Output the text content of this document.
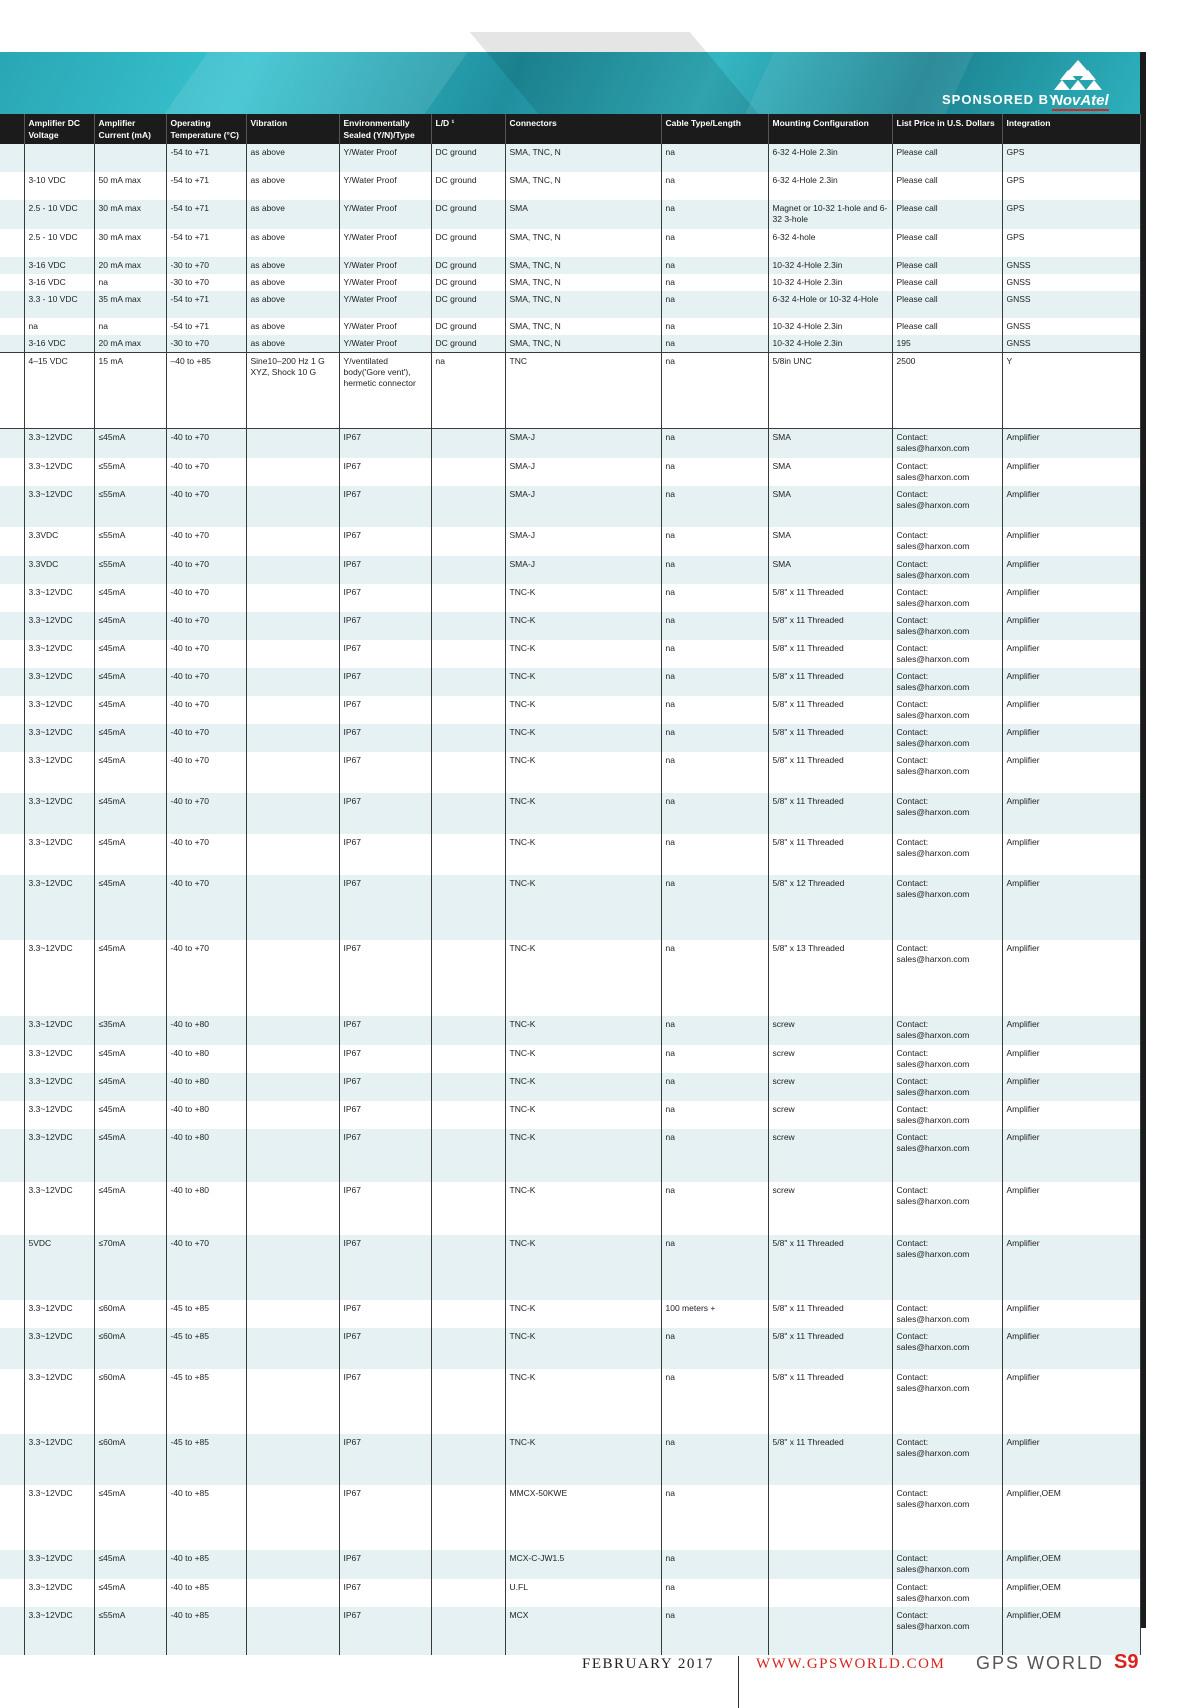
SPONSORED BY
NovAtel
	Amplifier DC Voltage	Amplifier Current (mA)	Operating Temperature (°C)	Vibration	Environmentally Sealed (Y/N)/Type	L/D ¹	Connectors	Cable Type/Length	Mounting Configuration	List Price in U.S. Dollars	Integration
			-54 to +71	as above	Y/Water Proof	DC ground	SMA, TNC, N	na	6-32 4-Hole 2.3in	Please call	GPS
	3-10 VDC	50 mA max	-54 to +71	as above	Y/Water Proof	DC ground	SMA, TNC, N	na	6-32 4-Hole 2.3in	Please call	GPS
	2.5 - 10 VDC	30 mA max	-54 to +71	as above	Y/Water Proof	DC ground	SMA	na	Magnet or 10-32 1-hole and 6-32 3-hole	Please call	GPS
	2.5 - 10 VDC	30 mA max	-54 to +71	as above	Y/Water Proof	DC ground	SMA, TNC, N	na	6-32 4-hole	Please call	GPS
	3-16 VDC	20 mA max	-30 to +70	as above	Y/Water Proof	DC ground	SMA, TNC, N	na	10-32 4-Hole 2.3in	Please call	GNSS
	3-16 VDC	na	-30 to +70	as above	Y/Water Proof	DC ground	SMA, TNC, N	na	10-32 4-Hole 2.3in	Please call	GNSS
	3.3 - 10 VDC	35 mA max	-54 to +71	as above	Y/Water Proof	DC ground	SMA, TNC, N	na	6-32 4-Hole or 10-32 4-Hole	Please call	GNSS
	na	na	-54 to +71	as above	Y/Water Proof	DC ground	SMA, TNC, N	na	10-32 4-Hole 2.3in	Please call	GNSS
	3-16 VDC	20 mA max	-30 to +70	as above	Y/Water Proof	DC ground	SMA, TNC, N	na	10-32 4-Hole 2.3in	195	GNSS
	4–15 VDC	15 mA	–40 to +85	Sine10–200 Hz 1 G XYZ, Shock 10 G	Y/ventilated body('Gore vent'), hermetic connector	na	TNC	na	5/8in UNC	2500	Y
	3.3~12VDC	≤45mA	-40 to +70		IP67		SMA-J	na	SMA	Contact: sales@harxon.com	Amplifier
	3.3~12VDC	≤55mA	-40 to +70		IP67		SMA-J	na	SMA	Contact: sales@harxon.com	Amplifier
	3.3~12VDC	≤55mA	-40 to +70		IP67		SMA-J	na	SMA	Contact: sales@harxon.com	Amplifier
	3.3VDC	≤55mA	-40 to +70		IP67		SMA-J	na	SMA	Contact: sales@harxon.com	Amplifier
	3.3VDC	≤55mA	-40 to +70		IP67		SMA-J	na	SMA	Contact: sales@harxon.com	Amplifier
	3.3~12VDC	≤45mA	-40 to +70		IP67		TNC-K	na	5/8" x 11 Threaded	Contact: sales@harxon.com	Amplifier
	3.3~12VDC	≤45mA	-40 to +70		IP67		TNC-K	na	5/8" x 11 Threaded	Contact: sales@harxon.com	Amplifier
	3.3~12VDC	≤45mA	-40 to +70		IP67		TNC-K	na	5/8" x 11 Threaded	Contact: sales@harxon.com	Amplifier
	3.3~12VDC	≤45mA	-40 to +70		IP67		TNC-K	na	5/8" x 11 Threaded	Contact: sales@harxon.com	Amplifier
	3.3~12VDC	≤45mA	-40 to +70		IP67		TNC-K	na	5/8" x 11 Threaded	Contact: sales@harxon.com	Amplifier
	3.3~12VDC	≤45mA	-40 to +70		IP67		TNC-K	na	5/8" x 11 Threaded	Contact: sales@harxon.com	Amplifier
	3.3~12VDC	≤45mA	-40 to +70		IP67		TNC-K	na	5/8" x 11 Threaded	Contact: sales@harxon.com	Amplifier
	3.3~12VDC	≤45mA	-40 to +70		IP67		TNC-K	na	5/8" x 11 Threaded	Contact: sales@harxon.com	Amplifier
	3.3~12VDC	≤45mA	-40 to +70		IP67		TNC-K	na	5/8" x 11 Threaded	Contact: sales@harxon.com	Amplifier
	3.3~12VDC	≤45mA	-40 to +70		IP67		TNC-K	na	5/8" x 12 Threaded	Contact: sales@harxon.com	Amplifier
	3.3~12VDC	≤45mA	-40 to +70		IP67		TNC-K	na	5/8" x 13 Threaded	Contact: sales@harxon.com	Amplifier
	3.3~12VDC	≤35mA	-40 to +80		IP67		TNC-K	na	screw	Contact: sales@harxon.com	Amplifier
	3.3~12VDC	≤45mA	-40 to +80		IP67		TNC-K	na	screw	Contact: sales@harxon.com	Amplifier
	3.3~12VDC	≤45mA	-40 to +80		IP67		TNC-K	na	screw	Contact: sales@harxon.com	Amplifier
	3.3~12VDC	≤45mA	-40 to +80		IP67		TNC-K	na	screw	Contact: sales@harxon.com	Amplifier
	3.3~12VDC	≤45mA	-40 to +80		IP67		TNC-K	na	screw	Contact: sales@harxon.com	Amplifier
	3.3~12VDC	≤45mA	-40 to +80		IP67		TNC-K	na	screw	Contact: sales@harxon.com	Amplifier
	5VDC	≤70mA	-40 to +70		IP67		TNC-K	na	5/8" x 11 Threaded	Contact: sales@harxon.com	Amplifier
	3.3~12VDC	≤60mA	-45 to +85		IP67		TNC-K	100 meters +	5/8" x 11 Threaded	Contact: sales@harxon.com	Amplifier
	3.3~12VDC	≤60mA	-45 to +85		IP67		TNC-K	na	5/8" x 11 Threaded	Contact: sales@harxon.com	Amplifier
	3.3~12VDC	≤60mA	-45 to +85		IP67		TNC-K	na	5/8" x 11 Threaded	Contact: sales@harxon.com	Amplifier
	3.3~12VDC	≤60mA	-45 to +85		IP67		TNC-K	na	5/8" x 11 Threaded	Contact: sales@harxon.com	Amplifier
	3.3~12VDC	≤45mA	-40 to +85		IP67		MMCX-50KWE	na		Contact: sales@harxon.com	Amplifier,OEM
	3.3~12VDC	≤45mA	-40 to +85		IP67		MCX-C-JW1.5	na		Contact: sales@harxon.com	Amplifier,OEM
	3.3~12VDC	≤45mA	-40 to +85		IP67		U.FL	na		Contact: sales@harxon.com	Amplifier,OEM
	3.3~12VDC	≤55mA	-40 to +85		IP67		MCX	na		Contact: sales@harxon.com	Amplifier,OEM
FEBRUARY 2017	WWW.GPSWORLD.COM GPS WORLD S9
